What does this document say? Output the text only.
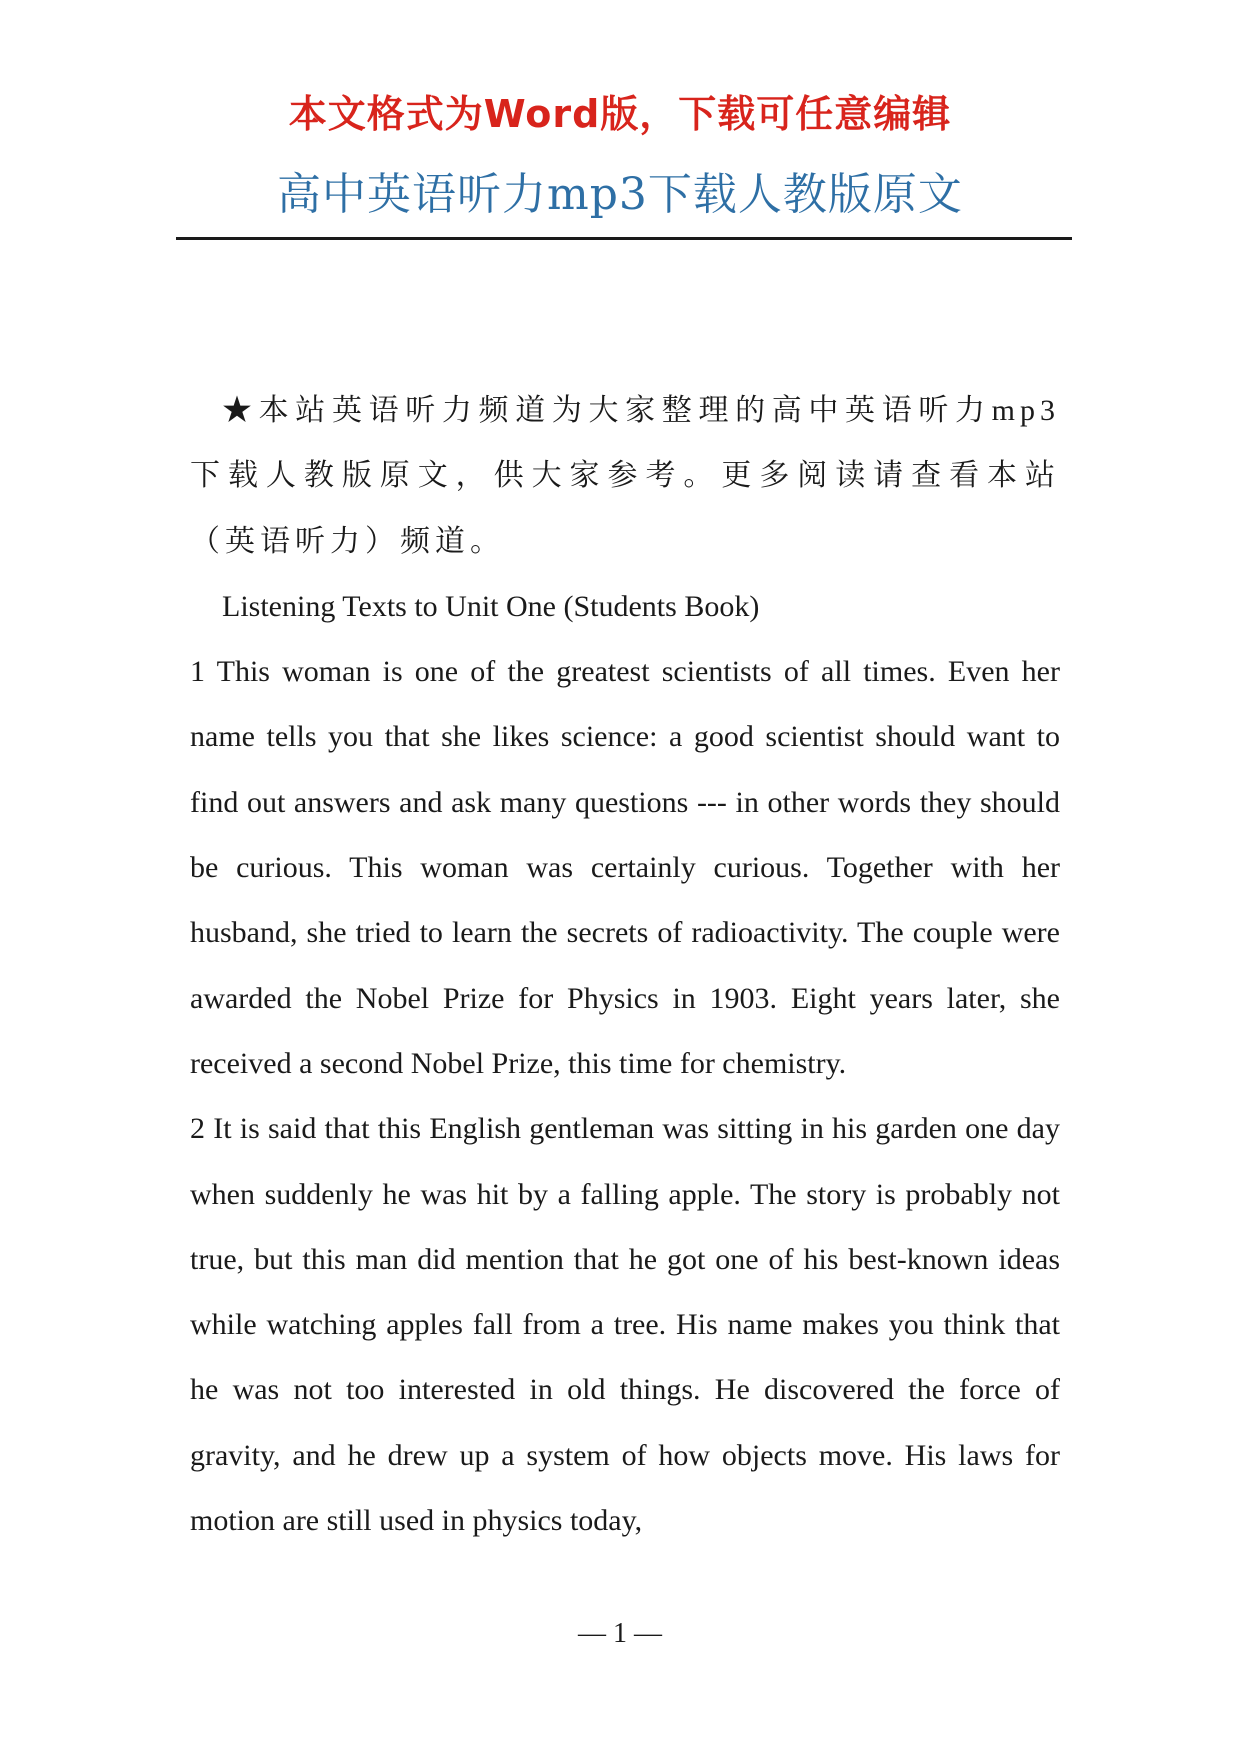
本文格式为Word版，下载可任意编辑
高中英语听力mp3下载人教版原文

★本站英语听力频道为大家整理的高中英语听力mp3下载人教版原文，供大家参考。更多阅读请查看本站（英语听力）频道。

Listening Texts to Unit One (Students Book)

1 This woman is one of the greatest scientists of all times. Even her name tells you that she likes science: a good scientist should want to find out answers and ask many questions --- in other words they should be curious. This woman was certainly curious. Together with her husband, she tried to learn the secrets of radioactivity. The couple were awarded the Nobel Prize for Physics in 1903. Eight years later, she received a second Nobel Prize, this time for chemistry.

2 It is said that this English gentleman was sitting in his garden one day when suddenly he was hit by a falling apple. The story is probably not true, but this man did mention that he got one of his best-known ideas while watching apples fall from a tree. His name makes you think that he was not too interested in old things. He discovered the force of gravity, and he drew up a system of how objects move. His laws for motion are still used in physics today,

— 1 —
